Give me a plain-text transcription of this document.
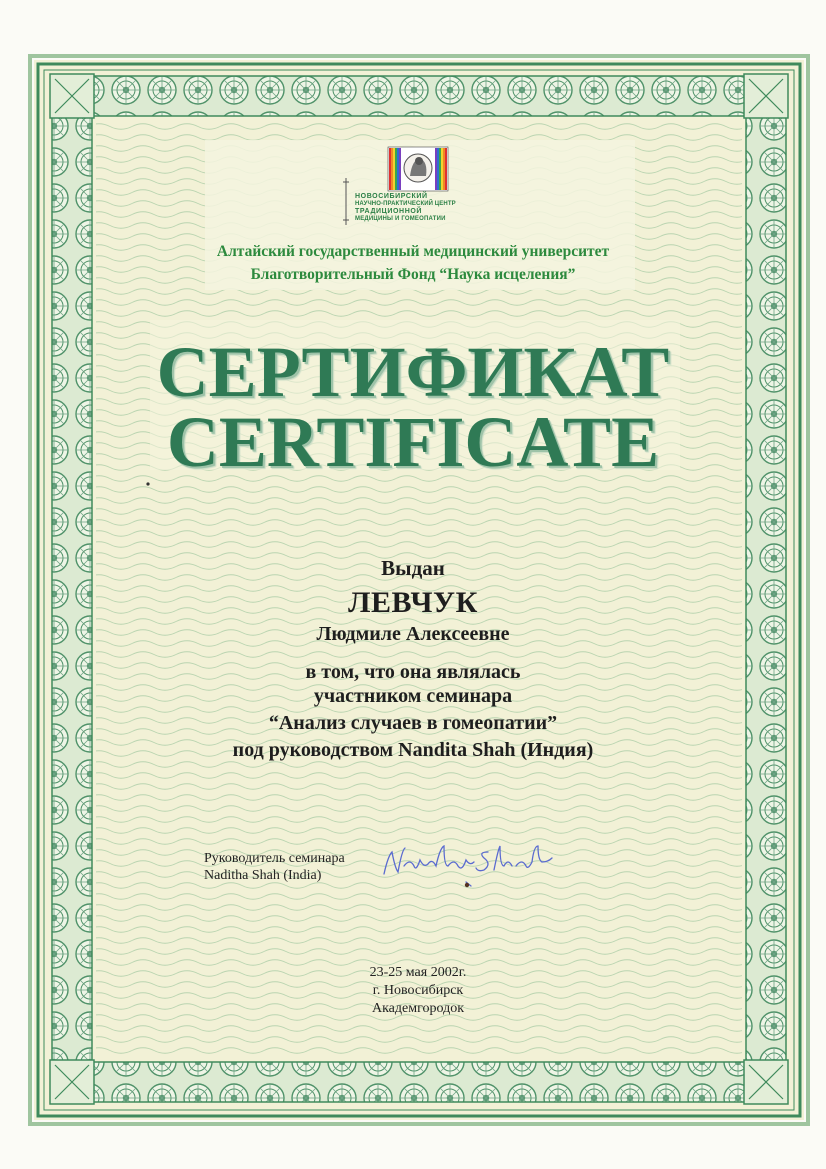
НОВОСИБИРСКИЙ
НАУЧНО-ПРАКТИЧЕСКИЙ ЦЕНТР
ТРАДИЦИОННОЙ
МЕДИЦИНЫ И ГОМЕОПАТИИ
Алтайский государственный медицинский университет
Благотворительный Фонд “Наука исцеления”
СЕРТИФИКАТ
CERTIFICATE
Выдан
ЛЕВЧУК
Людмиле Алексеевне
в том, что она являлась
участником семинара
“Анализ случаев в гомеопатии”
под руководством Nandita Shah (Индия)
Руководитель семинара
Naditha Shah (India)
23-25 мая 2002г.
г. Новосибирск
Академгородок
